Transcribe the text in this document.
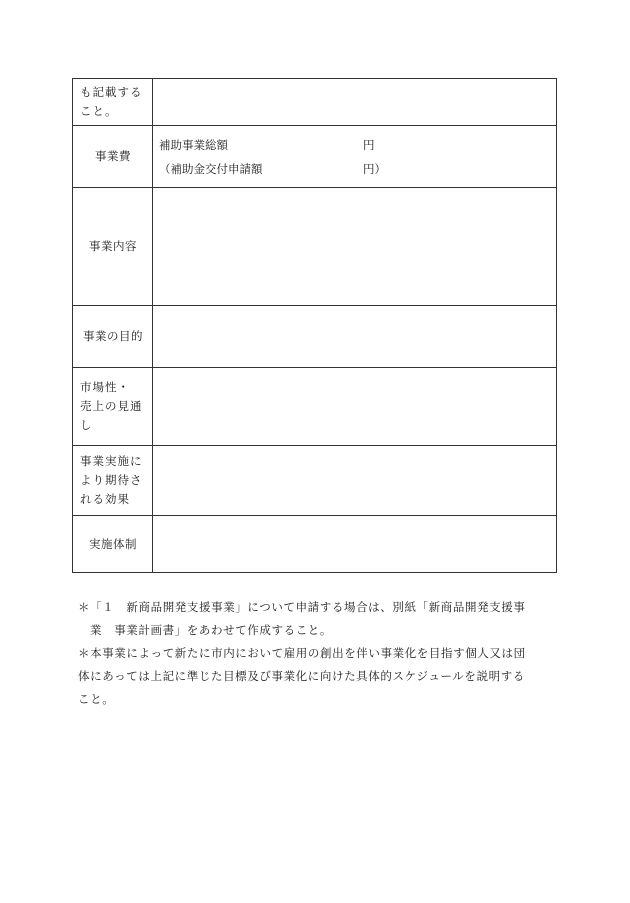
も記載する
こと。	

事業費	補助事業総額 円
（補助金交付申請額 円）

事業内容	

事業の目的	

市場性・
売上の見通
し	

事業実施に
より期待さ
れる効果	

実施体制	

＊「１　新商品開発支援事業」について申請する場合は、別紙「新商品開発支援事

業　事業計画書」をあわせて作成すること。

＊本事業によって新たに市内において雇用の創出を伴い事業化を目指す個人又は団

体にあっては上記に準じた目標及び事業化に向けた具体的スケジュールを説明する

こと。
